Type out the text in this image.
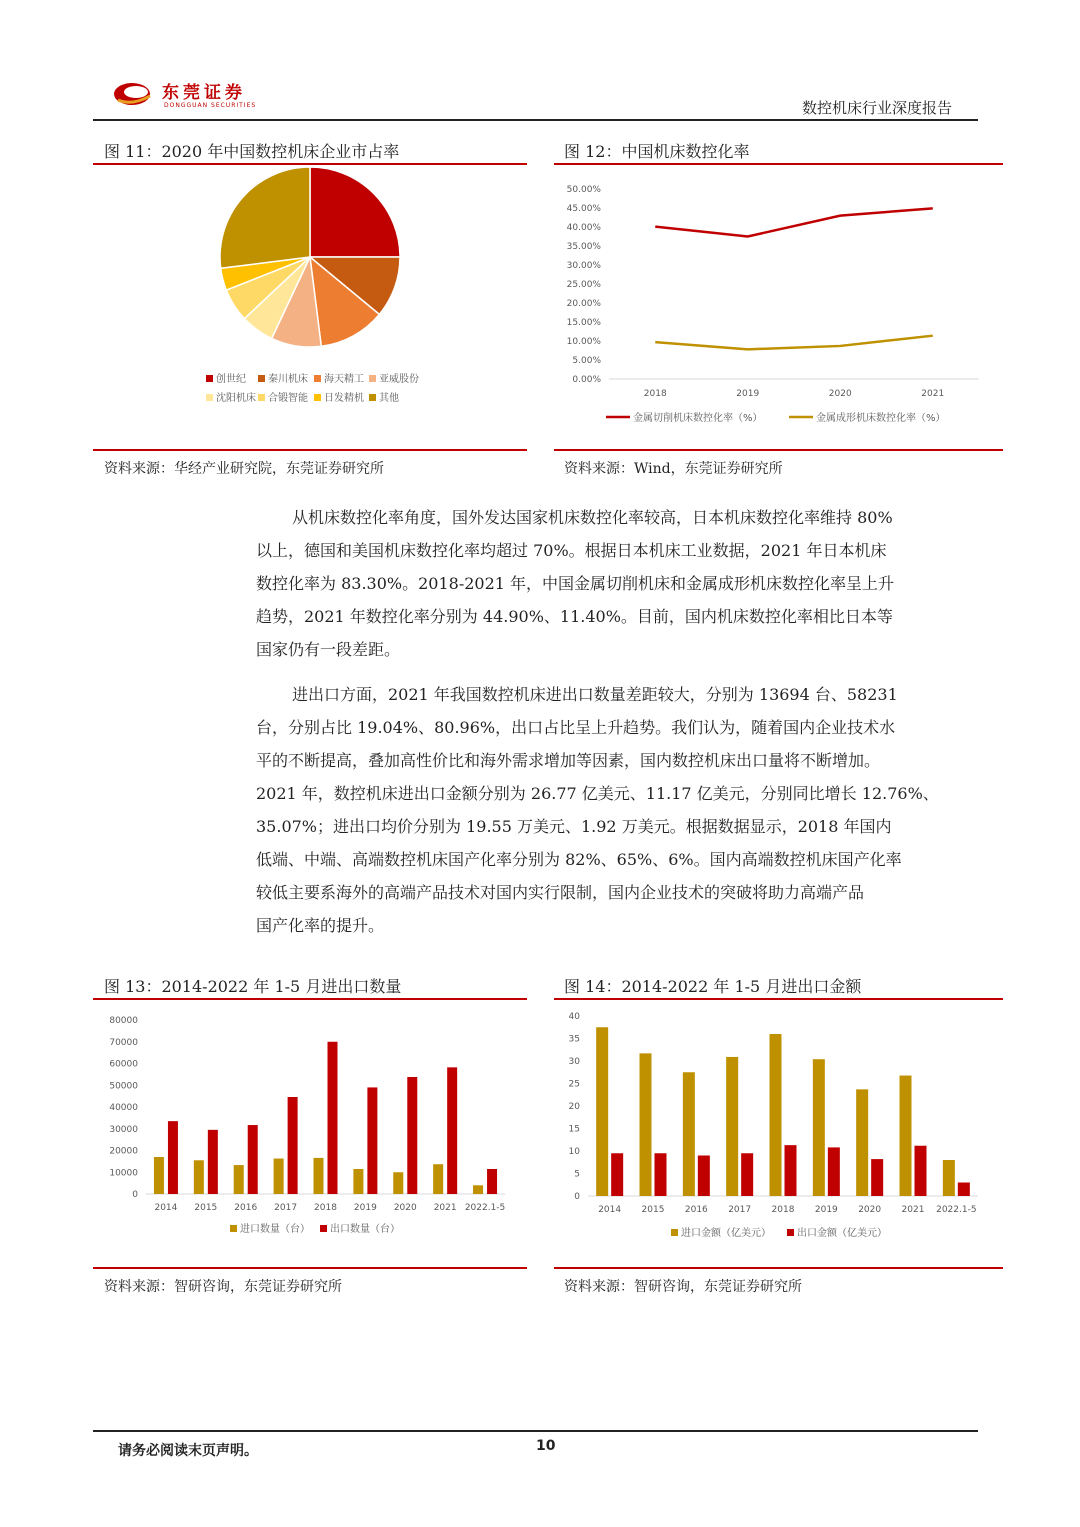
东莞证券
DONGGUAN SECURITIES	数控机床行业深度报告
图 11：2020 年中国数控机床企业市占率
创世纪 秦川机床 海天精工 亚威股份
沈阳机床 合锻智能 日发精机 其他
资料来源：华经产业研究院，东莞证券研究所
图 12：中国机床数控化率
0.00%
5.00%
10.00%
15.00%
20.00%
25.00%
30.00%
35.00%
40.00%
45.00%
50.00%
2018	2019	2020	2021
金属切削机床数控化率（%）	金属成形机床数控化率（%）
资料来源：Wind，东莞证券研究所
从机床数控化率角度，国外发达国家机床数控化率较高，日本机床数控化率维持 80%
以上，德国和美国机床数控化率均超过 70%。根据日本机床工业数据，2021 年日本机床
数控化率为 83.30%。2018-2021 年，中国金属切削机床和金属成形机床数控化率呈上升
趋势，2021 年数控化率分别为 44.90%、11.40%。目前，国内机床数控化率相比日本等
国家仍有一段差距。
进出口方面，2021 年我国数控机床进出口数量差距较大，分别为 13694 台、58231
台，分别占比 19.04%、80.96%，出口占比呈上升趋势。我们认为，随着国内企业技术水
平的不断提高，叠加高性价比和海外需求增加等因素，国内数控机床出口量将不断增加。
2021 年，数控机床进出口金额分别为 26.77 亿美元、11.17 亿美元，分别同比增长 12.76%、
35.07%；进出口均价分别为 19.55 万美元、1.92 万美元。根据数据显示，2018 年国内
低端、中端、高端数控机床国产化率分别为 82%、65%、6%。国内高端数控机床国产化率
较低主要系海外的高端产品技术对国内实行限制，国内企业技术的突破将助力高端产品
国产化率的提升。
图 13：2014-2022 年 1-5 月进出口数量
0
10000
20000
30000
40000
50000
60000
70000
80000
2014 2015 2016 2017 2018 2019 2020 2021 2022.1-5
进口数量（台） 出口数量（台）
资料来源：智研咨询，东莞证券研究所
图 14：2014-2022 年 1-5 月进出口金额
0
5
10
15
20
25
30
35
40
2014 2015 2016 2017 2018 2019 2020 2021 2022.1-5
进口金额（亿美元）	出口金额（亿美元）
资料来源：智研咨询，东莞证券研究所
请务必阅读末页声明。	10
